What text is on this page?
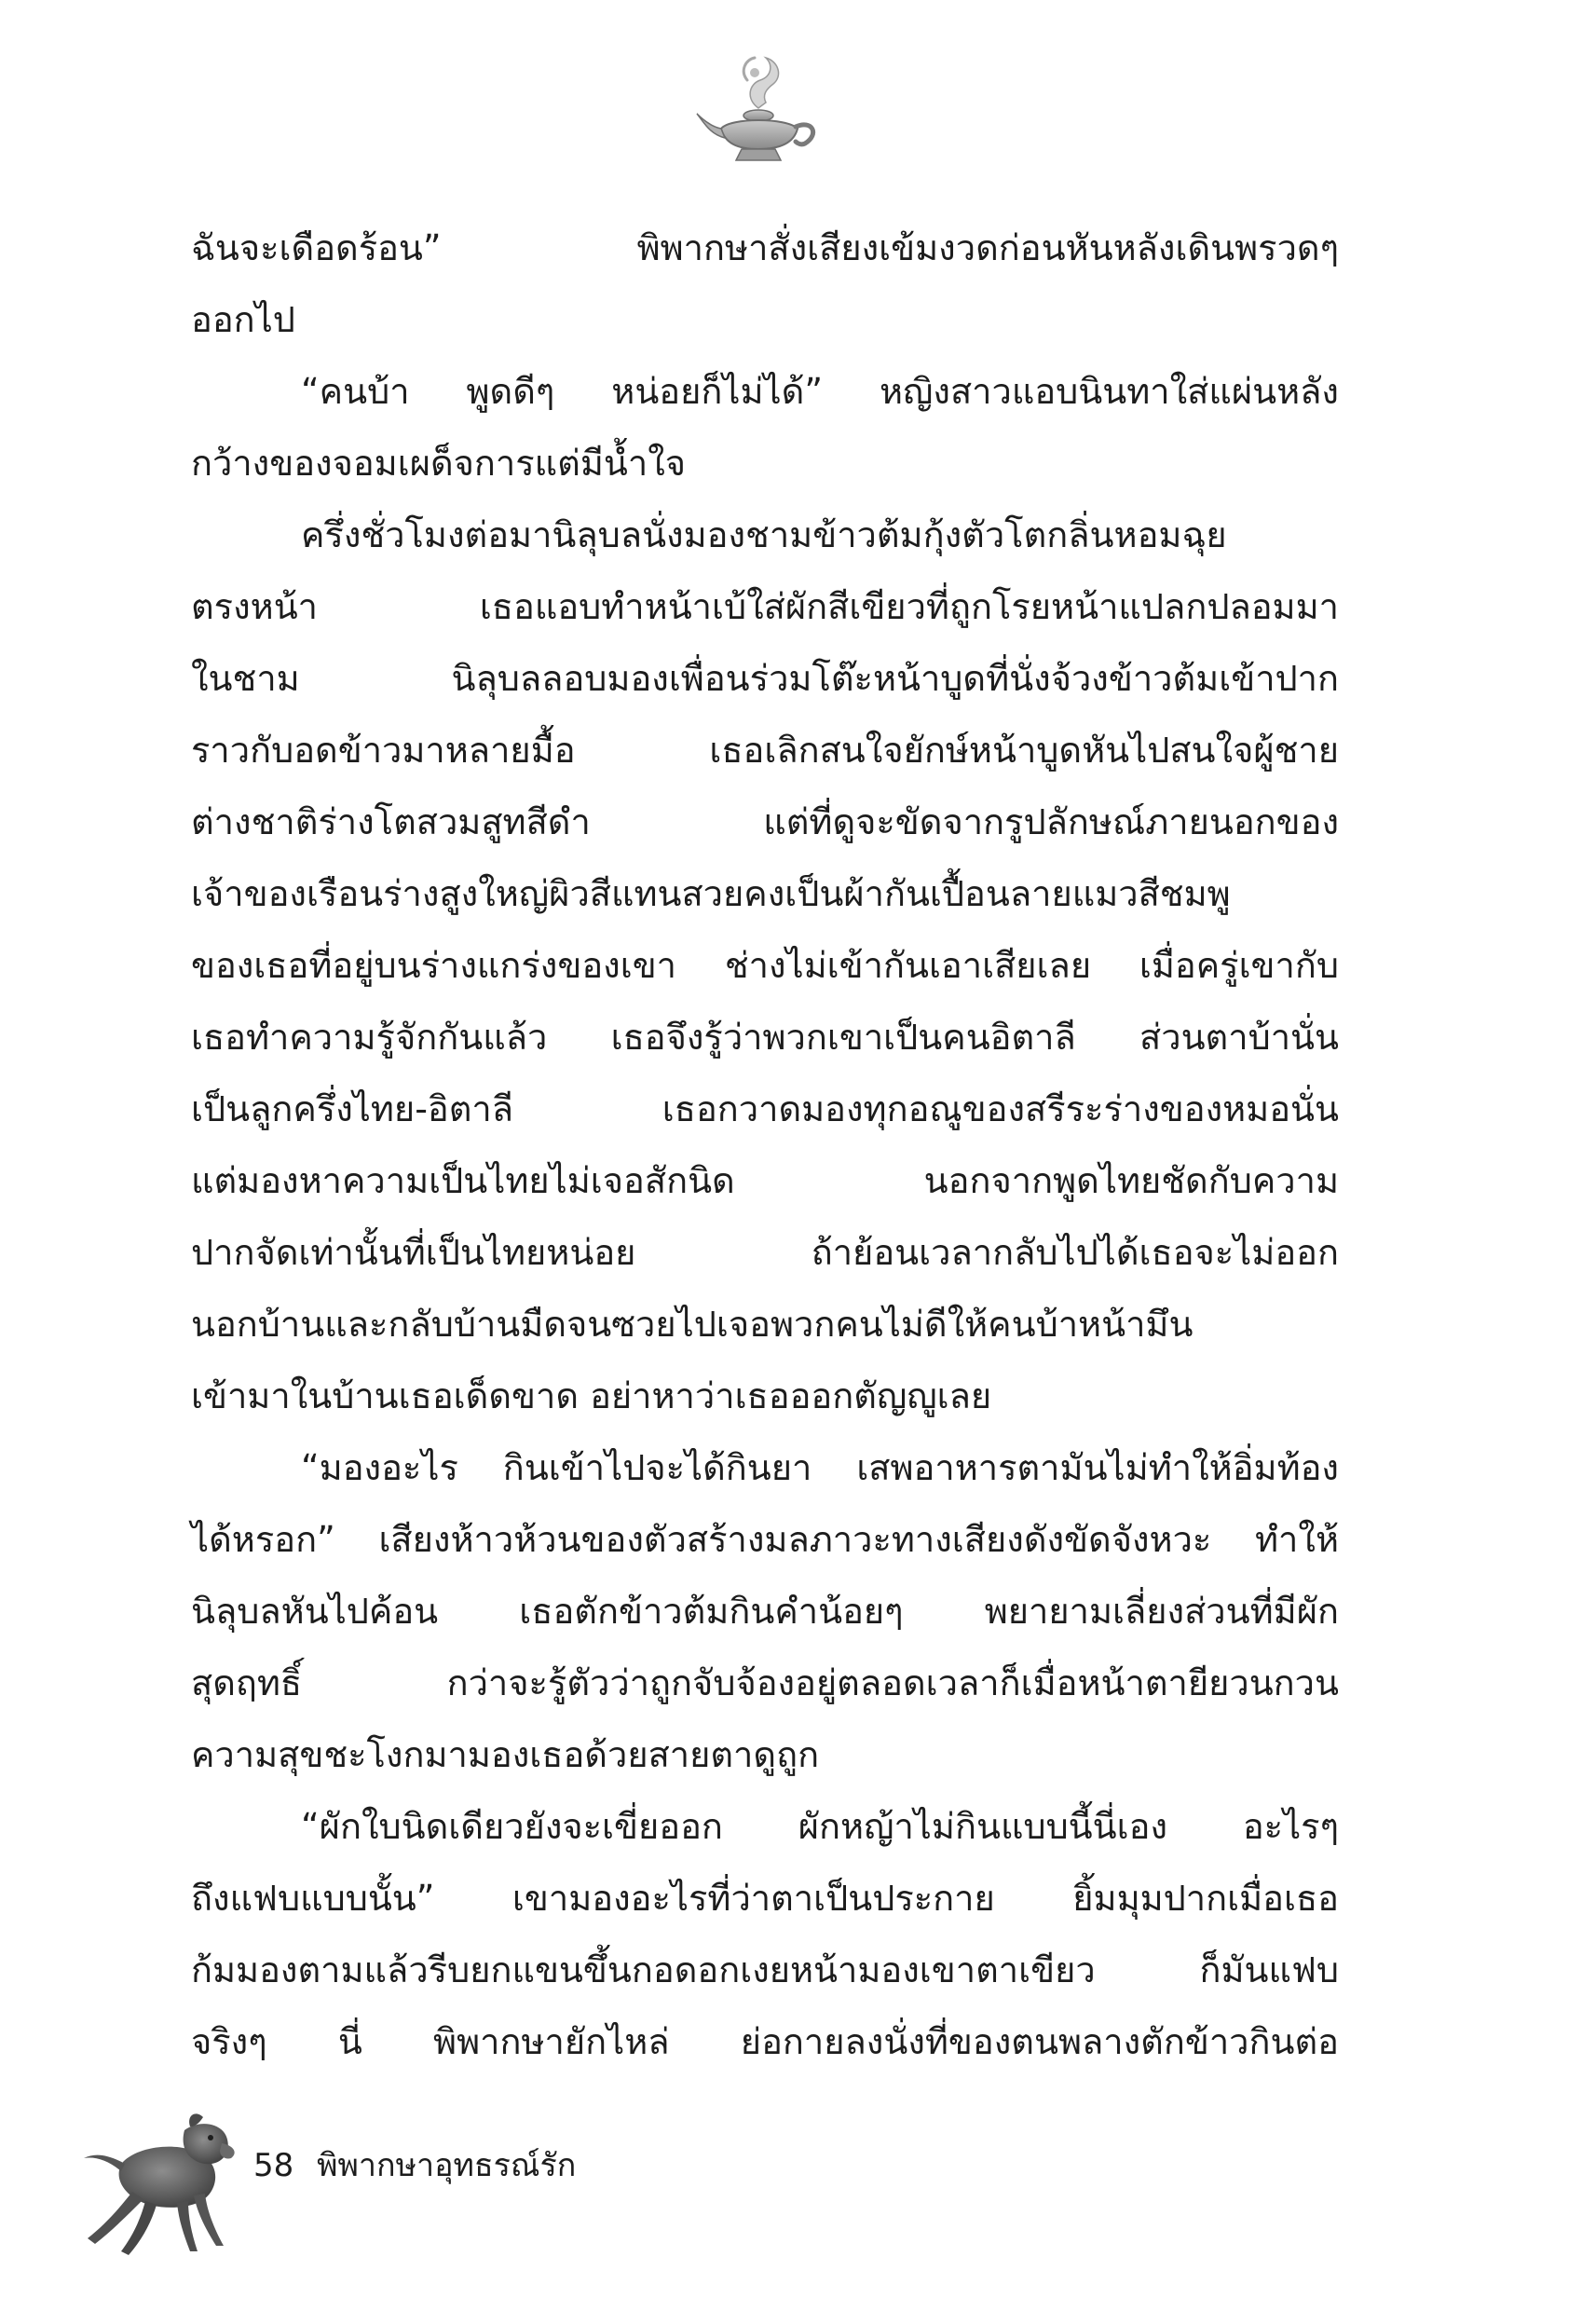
ฉันจะเดือดร้อน” พิพากษาสั่งเสียงเข้มงวดก่อนหันหลังเดินพรวดๆ
ออกไป
“คนบ้า พูดดีๆ หน่อยก็ไม่ได้” หญิงสาวแอบนินทาใส่แผ่นหลัง
กว้างของจอมเผด็จการแต่มีน้ำใจ
ครึ่งชั่วโมงต่อมานิลุบลนั่งมองชามข้าวต้มกุ้งตัวโตกลิ่นหอมฉุย
ตรงหน้า เธอแอบทำหน้าเบ้ใส่ผักสีเขียวที่ถูกโรยหน้าแปลกปลอมมา
ในชาม นิลุบลลอบมองเพื่อนร่วมโต๊ะหน้าบูดที่นั่งจ้วงข้าวต้มเข้าปาก
ราวกับอดข้าวมาหลายมื้อ เธอเลิกสนใจยักษ์หน้าบูดหันไปสนใจผู้ชาย
ต่างชาติร่างโตสวมสูทสีดำ แต่ที่ดูจะขัดจากรูปลักษณ์ภายนอกของ
เจ้าของเรือนร่างสูงใหญ่ผิวสีแทนสวยคงเป็นผ้ากันเปื้อนลายแมวสีชมพู
ของเธอที่อยู่บนร่างแกร่งของเขา ช่างไม่เข้ากันเอาเสียเลย เมื่อครู่เขากับ
เธอทำความรู้จักกันแล้ว เธอจึงรู้ว่าพวกเขาเป็นคนอิตาลี ส่วนตาบ้านั่น
เป็นลูกครึ่งไทย-อิตาลี เธอกวาดมองทุกอณูของสรีระร่างของหมอนั่น
แต่มองหาความเป็นไทยไม่เจอสักนิด นอกจากพูดไทยชัดกับความ
ปากจัดเท่านั้นที่เป็นไทยหน่อย ถ้าย้อนเวลากลับไปได้เธอจะไม่ออก
นอกบ้านและกลับบ้านมืดจนซวยไปเจอพวกคนไม่ดีให้คนบ้าหน้ามึน
เข้ามาในบ้านเธอเด็ดขาด อย่าหาว่าเธอออกตัญญูเลย
“มองอะไร กินเข้าไปจะได้กินยา เสพอาหารตามันไม่ทำให้อิ่มท้อง
ได้หรอก” เสียงห้าวห้วนของตัวสร้างมลภาวะทางเสียงดังขัดจังหวะ ทำให้
นิลุบลหันไปค้อน เธอตักข้าวต้มกินคำน้อยๆ พยายามเลี่ยงส่วนที่มีผัก
สุดฤทธิ์ กว่าจะรู้ตัวว่าถูกจับจ้องอยู่ตลอดเวลาก็เมื่อหน้าตายียวนกวน
ความสุขชะโงกมามองเธอด้วยสายตาดูถูก
“ผักใบนิดเดียวยังจะเขี่ยออก ผักหญ้าไม่กินแบบนี้นี่เอง อะไรๆ
ถึงแฟบแบบนั้น” เขามองอะไรที่ว่าตาเป็นประกาย ยิ้มมุมปากเมื่อเธอ
ก้มมองตามแล้วรีบยกแขนขึ้นกอดอกเงยหน้ามองเขาตาเขียว ก็มันแฟบ
จริงๆ นี่ พิพากษายักไหล่ ย่อกายลงนั่งที่ของตนพลางตักข้าวกินต่อ
58 พิพากษาอุทธรณ์รัก
